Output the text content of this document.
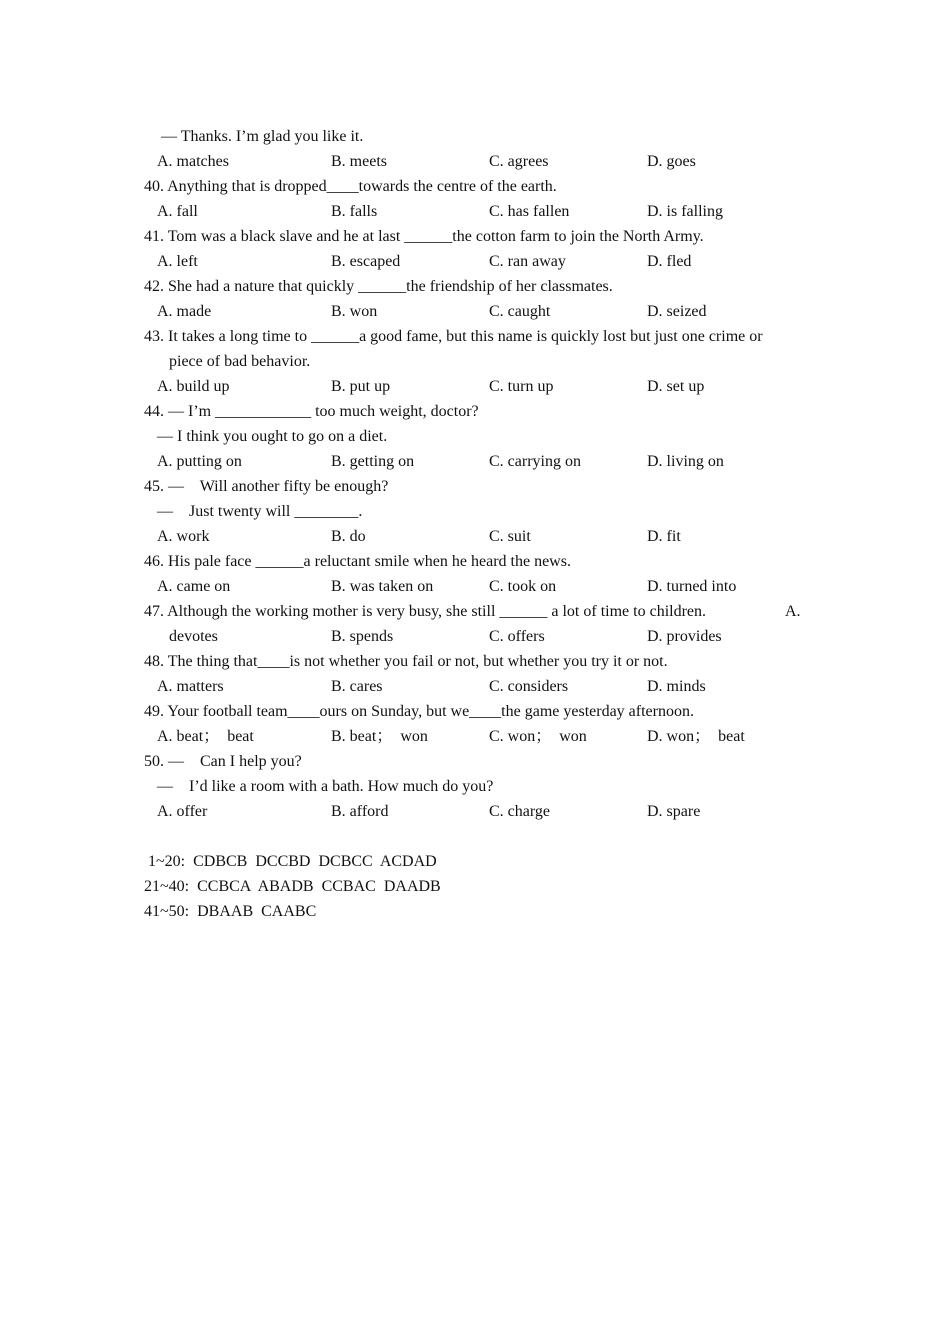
— Thanks. I’m glad you like it.
A. matches	B. meets	C. agrees	D. goes
40. Anything that is dropped____towards the centre of the earth.
A. fall	B. falls	C. has fallen	D. is falling
41. Tom was a black slave and he at last ______the cotton farm to join the North Army.
A. left	B. escaped	C. ran away	D. fled
42. She had a nature that quickly ______the friendship of her classmates.
A. made	B. won	C. caught	D. seized
43. It takes a long time to ______a good fame, but this name is quickly lost but just one crime or
piece of bad behavior.
A. build up	B. put up	C. turn up	D. set up
44. — I’m ____________ too much weight, doctor?
— I think you ought to go on a diet.
A. putting on	B. getting on	C. carrying on	D. living on
45. —    Will another fifty be enough?
—    Just twenty will ________.
A. work	B. do	C. suit	D. fit
46. His pale face ______a reluctant smile when he heard the news.
A. came on	B. was taken on	C. took on	D. turned into
47. Although the working mother is very busy, she still ______ a lot of time to children.	A.
devotes	B. spends	C. offers	D. provides
48. The thing that____is not whether you fail or not, but whether you try it or not.
A. matters	B. cares	C. considers	D. minds
49. Your football team____ours on Sunday, but we____the game yesterday afternoon.
A. beat；  beat	B. beat；  won	C. won；  won	D. won；  beat
50. —    Can I help you?
—    I’d like a room with a bath. How much do you?
A. offer	B. afford	C. charge	D. spare
1~20:  CDBCB  DCCBD  DCBCC  ACDAD
21~40:  CCBCA  ABADB  CCBAC  DAADB
41~50:  DBAAB  CAABC
